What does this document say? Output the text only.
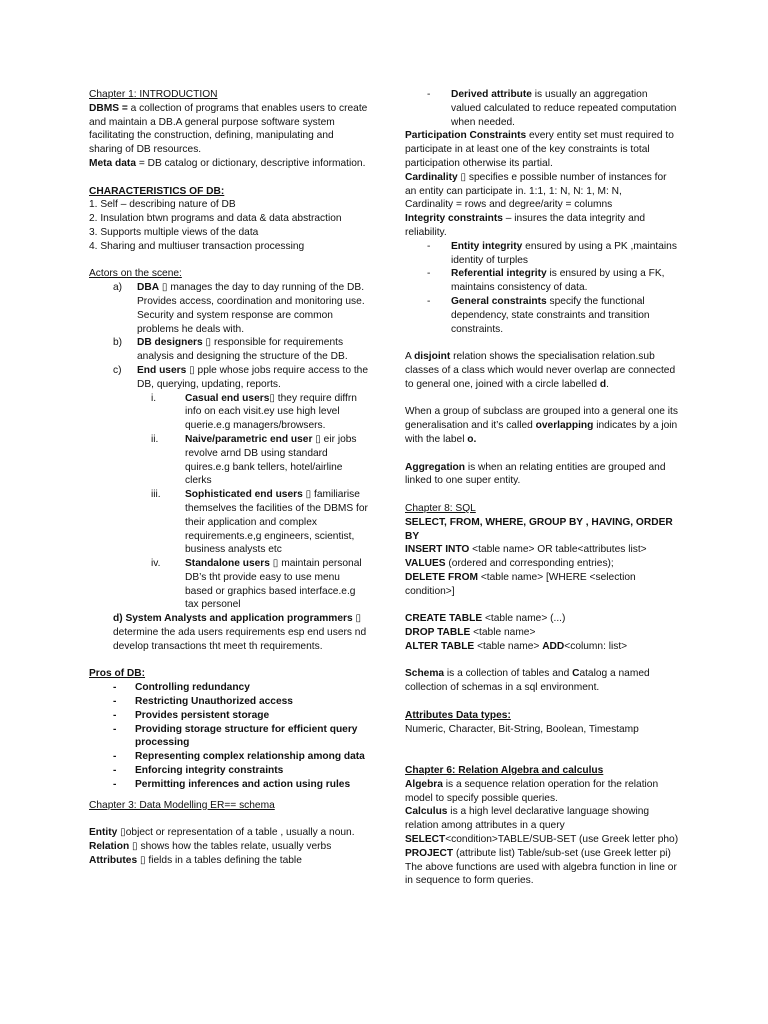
Chapter 1: INTRODUCTION

DBMS = a collection of programs that enables users to create and maintain a DB.A general purpose software system facilitating the construction, defining, manipulating and sharing of DB resources.

Meta data = DB catalog or dictionary, descriptive information.

CHARACTERISTICS OF DB:

1. Self – describing nature of DB

2. Insulation btwn programs and data & data abstraction

3. Supports multiple views of the data

4. Sharing and multiuser transaction processing

Actors on the scene:

a) DBA ▯ manages the day to day running of the DB. Provides access, coordination and monitoring use. Security and system response are common problems he deals with.
b) DB designers ▯ responsible for requirements analysis and designing the structure of the DB.
c) End users ▯ pple whose jobs require access to the DB, querying, updating, reports.
i.	Casual end users▯ they require diffrn info on each visit.ey use high level querie.e.g managers/browsers.
ii.	Naive/parametric end user ▯ eir jobs revolve arnd DB using standard quires.e.g bank tellers, hotel/airline clerks
iii. Sophisticated end users ▯ familiarise themselves the facilities of the DBMS for their application and complex requirements.e,g engineers, scientist, business analysts etc
iv. Standalone users ▯ maintain personal DB’s tht provide easy to use menu based or graphics based interface.e.g tax personel

d) System Analysts and application programmers ▯ determine the ada users requirements esp end users nd develop transactions tht meet th requirements.

Pros of DB:

- Controlling redundancy
- Restricting Unauthorized access
- Provides persistent storage
- Providing storage structure for efficient query processing
- Representing complex relationship among data
- Enforcing integrity constraints
- Permitting inferences and action using rules

Chapter 3: Data Modelling ER== schema

Entity ▯object or representation of a table , usually a noun.

Relation ▯ shows how the tables relate, usually verbs

Attributes ▯ fields in a tables defining the table

- Derived attribute is usually an aggregation valued calculated to reduce repeated computation when needed.

Participation Constraints every entity set must required to participate in at least one of the key constraints is total participation otherwise its partial.

Cardinality ▯ specifies e possible number of instances for an entity can participate in. 1:1, 1: N, N: 1, M: N,

Cardinality = rows and degree/arity = columns

Integrity constraints – insures the data integrity and reliability.

- Entity integrity ensured by using a PK ,maintains identity of turples
- Referential integrity is ensured by using a FK, maintains consistency of data.
- General constraints specify the functional dependency, state constraints and transition constraints.

A disjoint relation shows the specialisation relation.sub classes of a class which would never overlap are connected to general one, joined with a circle labelled d.

When a group of subclass are grouped into a general one its generalisation and it’s called overlapping indicates by a join with the label o.

Aggregation is when an relating entities are grouped and linked to one super entity.

Chapter 8: SQL

SELECT, FROM, WHERE, GROUP BY , HAVING, ORDER BY

INSERT INTO <table name> OR table<attributes list>

VALUES (ordered and corresponding entries);

DELETE FROM <table name> [WHERE <selection condition>]

CREATE TABLE <table name> (...)

DROP TABLE <table name>

ALTER TABLE <table name> ADD<column: list>

Schema is a collection of tables and Catalog a named collection of schemas in a sql environment.

Attributes Data types:

Numeric, Character, Bit-String, Boolean, Timestamp

Chapter 6: Relation Algebra and calculus

Algebra is a sequence relation operation for the relation model to specify possible queries.

Calculus is a high level declarative language showing relation among attributes in a query

SELECT<condition>TABLE/SUB-SET (use Greek letter pho)

PROJECT (attribute list) Table/sub-set (use Greek letter pi)

The above functions are used with algebra function in line or in sequence to form queries.
